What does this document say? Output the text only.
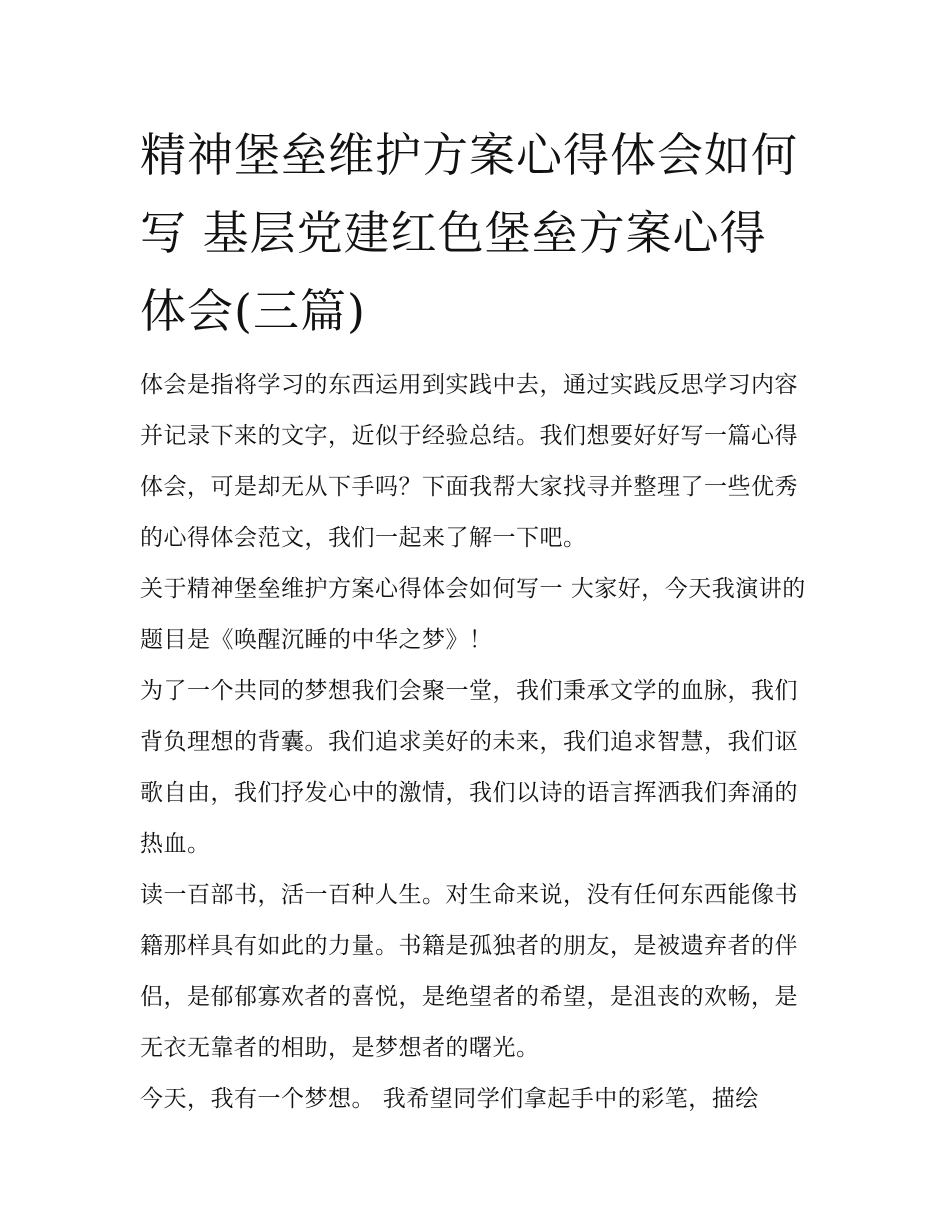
精神堡垒维护方案心得体会如何写 基层党建红色堡垒方案心得体会(三篇)

体会是指将学习的东西运用到实践中去，通过实践反思学习内容并记录下来的文字，近似于经验总结。我们想要好好写一篇心得体会，可是却无从下手吗？下面我帮大家找寻并整理了一些优秀的心得体会范文，我们一起来了解一下吧。

关于精神堡垒维护方案心得体会如何写一 大家好，今天我演讲的题目是《唤醒沉睡的中华之梦》！

为了一个共同的梦想我们会聚一堂，我们秉承文学的血脉，我们背负理想的背囊。我们追求美好的未来，我们追求智慧，我们讴歌自由，我们抒发心中的激情，我们以诗的语言挥洒我们奔涌的热血。

读一百部书，活一百种人生。对生命来说，没有任何东西能像书籍那样具有如此的力量。书籍是孤独者的朋友，是被遗弃者的伴侣，是郁郁寡欢者的喜悦，是绝望者的希望，是沮丧的欢畅，是无衣无靠者的相助，是梦想者的曙光。

今天，我有一个梦想。 我希望同学们拿起手中的彩笔，描绘
